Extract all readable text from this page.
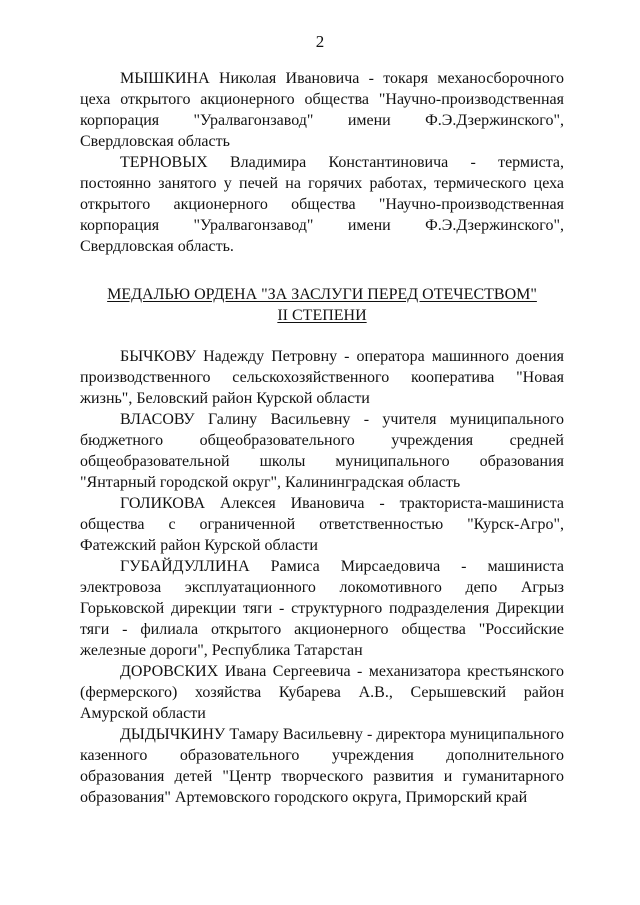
2

МЫШКИНА Николая Ивановича - токаря механосборочного цеха открытого акционерного общества "Научно-производственная корпорация "Уралвагонзавод" имени Ф.Э.Дзержинского", Свердловская область

ТЕРНОВЫХ Владимира Константиновича - термиста, постоянно занятого у печей на горячих работах, термического цеха открытого акционерного общества "Научно-производственная корпорация "Уралвагонзавод" имени Ф.Э.Дзержинского", Свердловская область.

МЕДАЛЬЮ ОРДЕНА "ЗА ЗАСЛУГИ ПЕРЕД ОТЕЧЕСТВОМ"
II СТЕПЕНИ

БЫЧКОВУ Надежду Петровну - оператора машинного доения производственного сельскохозяйственного кооператива "Новая жизнь", Беловский район Курской области

ВЛАСОВУ Галину Васильевну - учителя муниципального бюджетного общеобразовательного учреждения средней общеобразовательной школы муниципального образования "Янтарный городской округ", Калининградская область

ГОЛИКОВА Алексея Ивановича - тракториста-машиниста общества с ограниченной ответственностью "Курск-Агро", Фатежский район Курской области

ГУБАЙДУЛЛИНА Рамиса Мирсаедовича - машиниста электровоза эксплуатационного локомотивного депо Агрыз Горьковской дирекции тяги - структурного подразделения Дирекции тяги - филиала открытого акционерного общества "Российские железные дороги", Республика Татарстан

ДОРОВСКИХ Ивана Сергеевича - механизатора крестьянского (фермерского) хозяйства Кубарева А.В., Серышевский район Амурской области

ДЫДЫЧКИНУ Тамару Васильевну - директора муниципального казенного образовательного учреждения дополнительного образования детей "Центр творческого развития и гуманитарного образования" Артемовского городского округа, Приморский край
